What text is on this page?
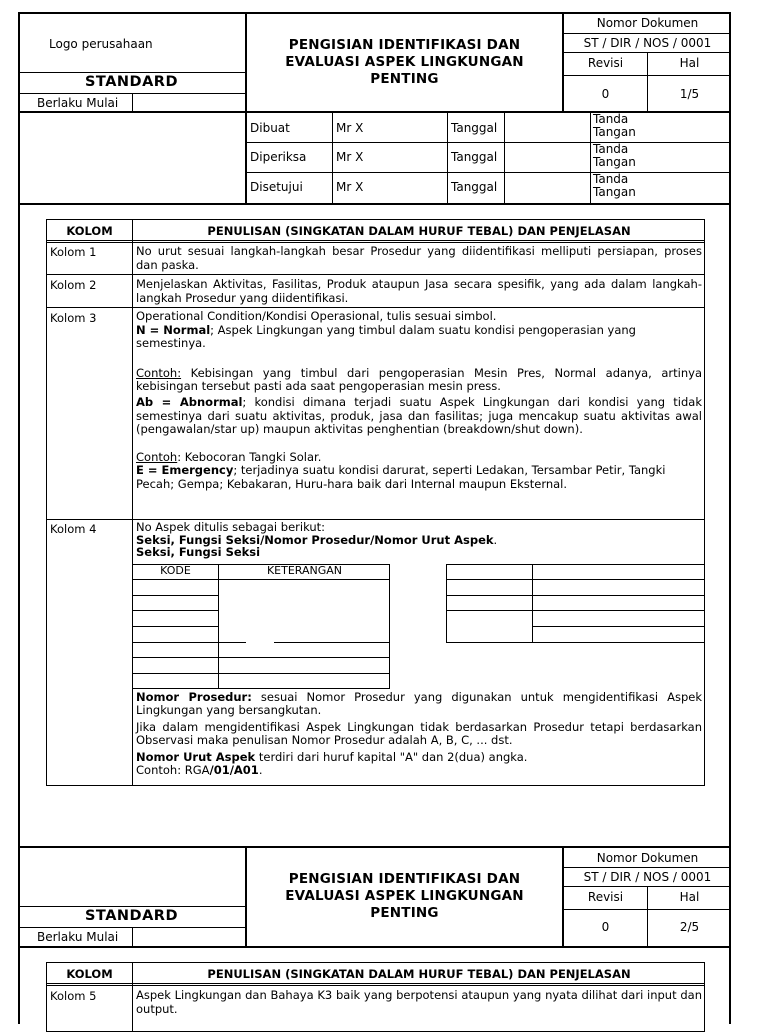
Logo perusahaan
STANDARD
Berlaku Mulai
PENGISIAN IDENTIFIKASI DAN
EVALUASI ASPEK LINGKUNGAN
PENTING
Nomor Dokumen
ST / DIR / NOS / 0001
Revisi	Hal
0	1/5
Dibuat	Mr X	Tanggal
Tanda
Tangan
Diperiksa Mr X	Tanggal
Tanda
Tangan
Disetujui	Mr X	Tanggal
Tanda
Tangan
KOLOM	PENULISAN (SINGKATAN DALAM HURUF TEBAL) DAN PENJELASAN
Kolom 1	No urut sesuai langkah-langkah besar Prosedur yang diidentifikasi melliputi persiapan, proses dan paska.
Kolom 2	Menjelaskan Aktivitas, Fasilitas, Produk ataupun Jasa secara spesifik, yang ada dalam langkah-langkah Prosedur yang diidentifikasi.
Kolom 3	Operational Condition/Kondisi Operasional, tulis sesuai simbol.

N = Normal; Aspek Lingkungan yang timbul dalam suatu kondisi pengoperasian yang semestinya.

Contoh: Kebisingan yang timbul dari pengoperasian Mesin Pres, Normal adanya, artinya kebisingan tersebut pasti ada saat pengoperasian mesin press.

Ab = Abnormal; kondisi dimana terjadi suatu Aspek Lingkungan dari kondisi yang tidak semestinya dari suatu aktivitas, produk, jasa dan fasilitas; juga mencakup suatu aktivitas awal (pengawalan/star up) maupun aktivitas penghentian (breakdown/shut down).

Contoh: Kebocoran Tangki Solar.

E = Emergency; terjadinya suatu kondisi darurat, seperti Ledakan, Tersambar Petir, Tangki Pecah; Gempa; Kebakaran, Huru-hara baik dari Internal maupun Eksternal.

Kolom 4	No Aspek ditulis sebagai berikut:

Seksi, Fungsi Seksi/Nomor Prosedur/Nomor Urut Aspek.

Seksi, Fungsi Seksi

KODE	KETERANGAN

Nomor Prosedur: sesuai Nomor Prosedur yang digunakan untuk mengidentifikasi Aspek Lingkungan yang bersangkutan.

Jika dalam mengidentifikasi Aspek Lingkungan tidak berdasarkan Prosedur tetapi berdasarkan Observasi maka penulisan Nomor Prosedur adalah A, B, C, ... dst.

Nomor Urut Aspek terdiri dari huruf kapital "A" dan 2(dua) angka.

Contoh: RGA/01/A01.

STANDARD
Berlaku Mulai
PENGISIAN IDENTIFIKASI DAN
EVALUASI ASPEK LINGKUNGAN
PENTING
Nomor Dokumen
ST / DIR / NOS / 0001
Revisi	Hal
0	2/5
KOLOM	PENULISAN (SINGKATAN DALAM HURUF TEBAL) DAN PENJELASAN
Kolom 5	Aspek Lingkungan dan Bahaya K3 baik yang berpotensi ataupun yang nyata dilihat dari input dan output.
